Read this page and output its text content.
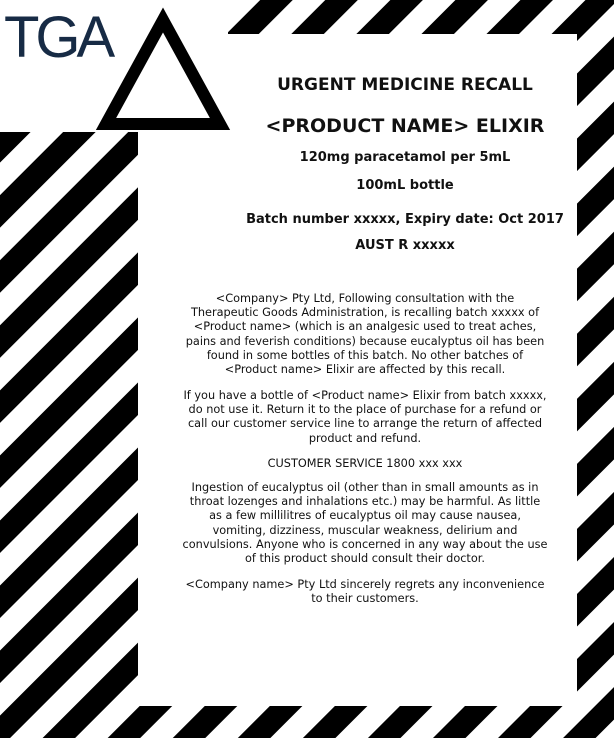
TGA
URGENT MEDICINE RECALL
<PRODUCT NAME> ELIXIR

120mg paracetamol per 5mL

100mL bottle

Batch number xxxxx, Expiry date: Oct 2017

AUST R xxxxx

<Company> Pty Ltd, Following consultation with the Therapeutic Goods Administration, is recalling batch xxxxx of <Product name> (which is an analgesic used to treat aches, pains and feverish conditions) because eucalyptus oil has been found in some bottles of this batch. No other batches of <Product name> Elixir are affected by this recall.

If you have a bottle of <Product name> Elixir from batch xxxxx, do not use it. Return it to the place of purchase for a refund or call our customer service line to arrange the return of affected product and refund.

CUSTOMER SERVICE 1800 xxx xxx

Ingestion of eucalyptus oil (other than in small amounts as in throat lozenges and inhalations etc.) may be harmful. As little as a few millilitres of eucalyptus oil may cause nausea, vomiting, dizziness, muscular weakness, delirium and convulsions. Anyone who is concerned in any way about the use of this product should consult their doctor.

<Company name> Pty Ltd sincerely regrets any inconvenience to their customers.
